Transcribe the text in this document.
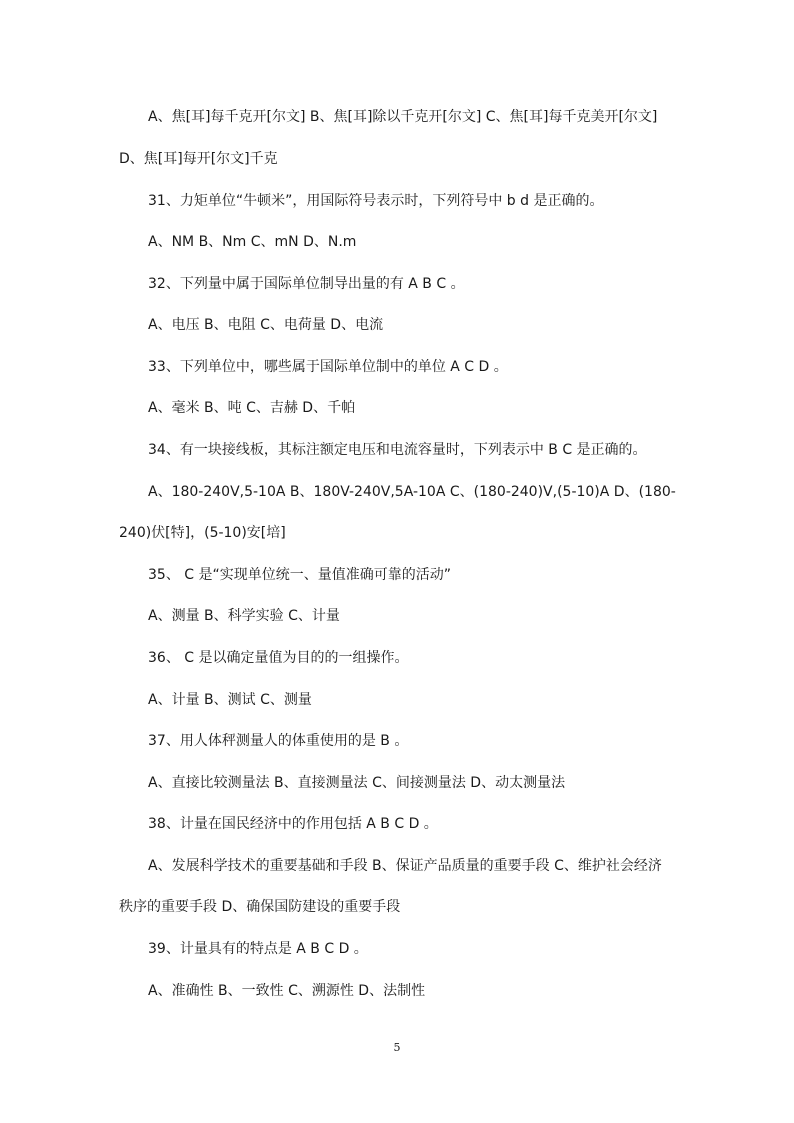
A、焦[耳]每千克开[尔文] B、焦[耳]除以千克开[尔文] C、焦[耳]每千克美开[尔文]
D、焦[耳]每开[尔文]千克
31、力矩单位“牛顿米”，用国际符号表示时，下列符号中 b d 是正确的。
A、NM B、Nm C、mN D、N.m
32、下列量中属于国际单位制导出量的有 A B C 。
A、电压 B、电阻 C、电荷量 D、电流
33、下列单位中，哪些属于国际单位制中的单位 A C D 。
A、毫米 B、吨 C、吉赫 D、千帕
34、有一块接线板，其标注额定电压和电流容量时，下列表示中 B C 是正确的。
A、180-240V,5-10A B、180V-240V,5A-10A C、(180-240)V,(5-10)A D、(180-
240)伏[特]，(5-10)安[培]
35、 C 是“实现单位统一、量值准确可靠的活动”
A、测量 B、科学实验 C、计量
36、 C 是以确定量值为目的的一组操作。
A、计量 B、测试 C、测量
37、用人体秤测量人的体重使用的是 B 。
A、直接比较测量法 B、直接测量法 C、间接测量法 D、动太测量法
38、计量在国民经济中的作用包括 A B C D 。
A、发展科学技术的重要基础和手段 B、保证产品质量的重要手段 C、维护社会经济
秩序的重要手段 D、确保国防建设的重要手段
39、计量具有的特点是 A B C D 。
A、准确性 B、一致性 C、溯源性 D、法制性
5
